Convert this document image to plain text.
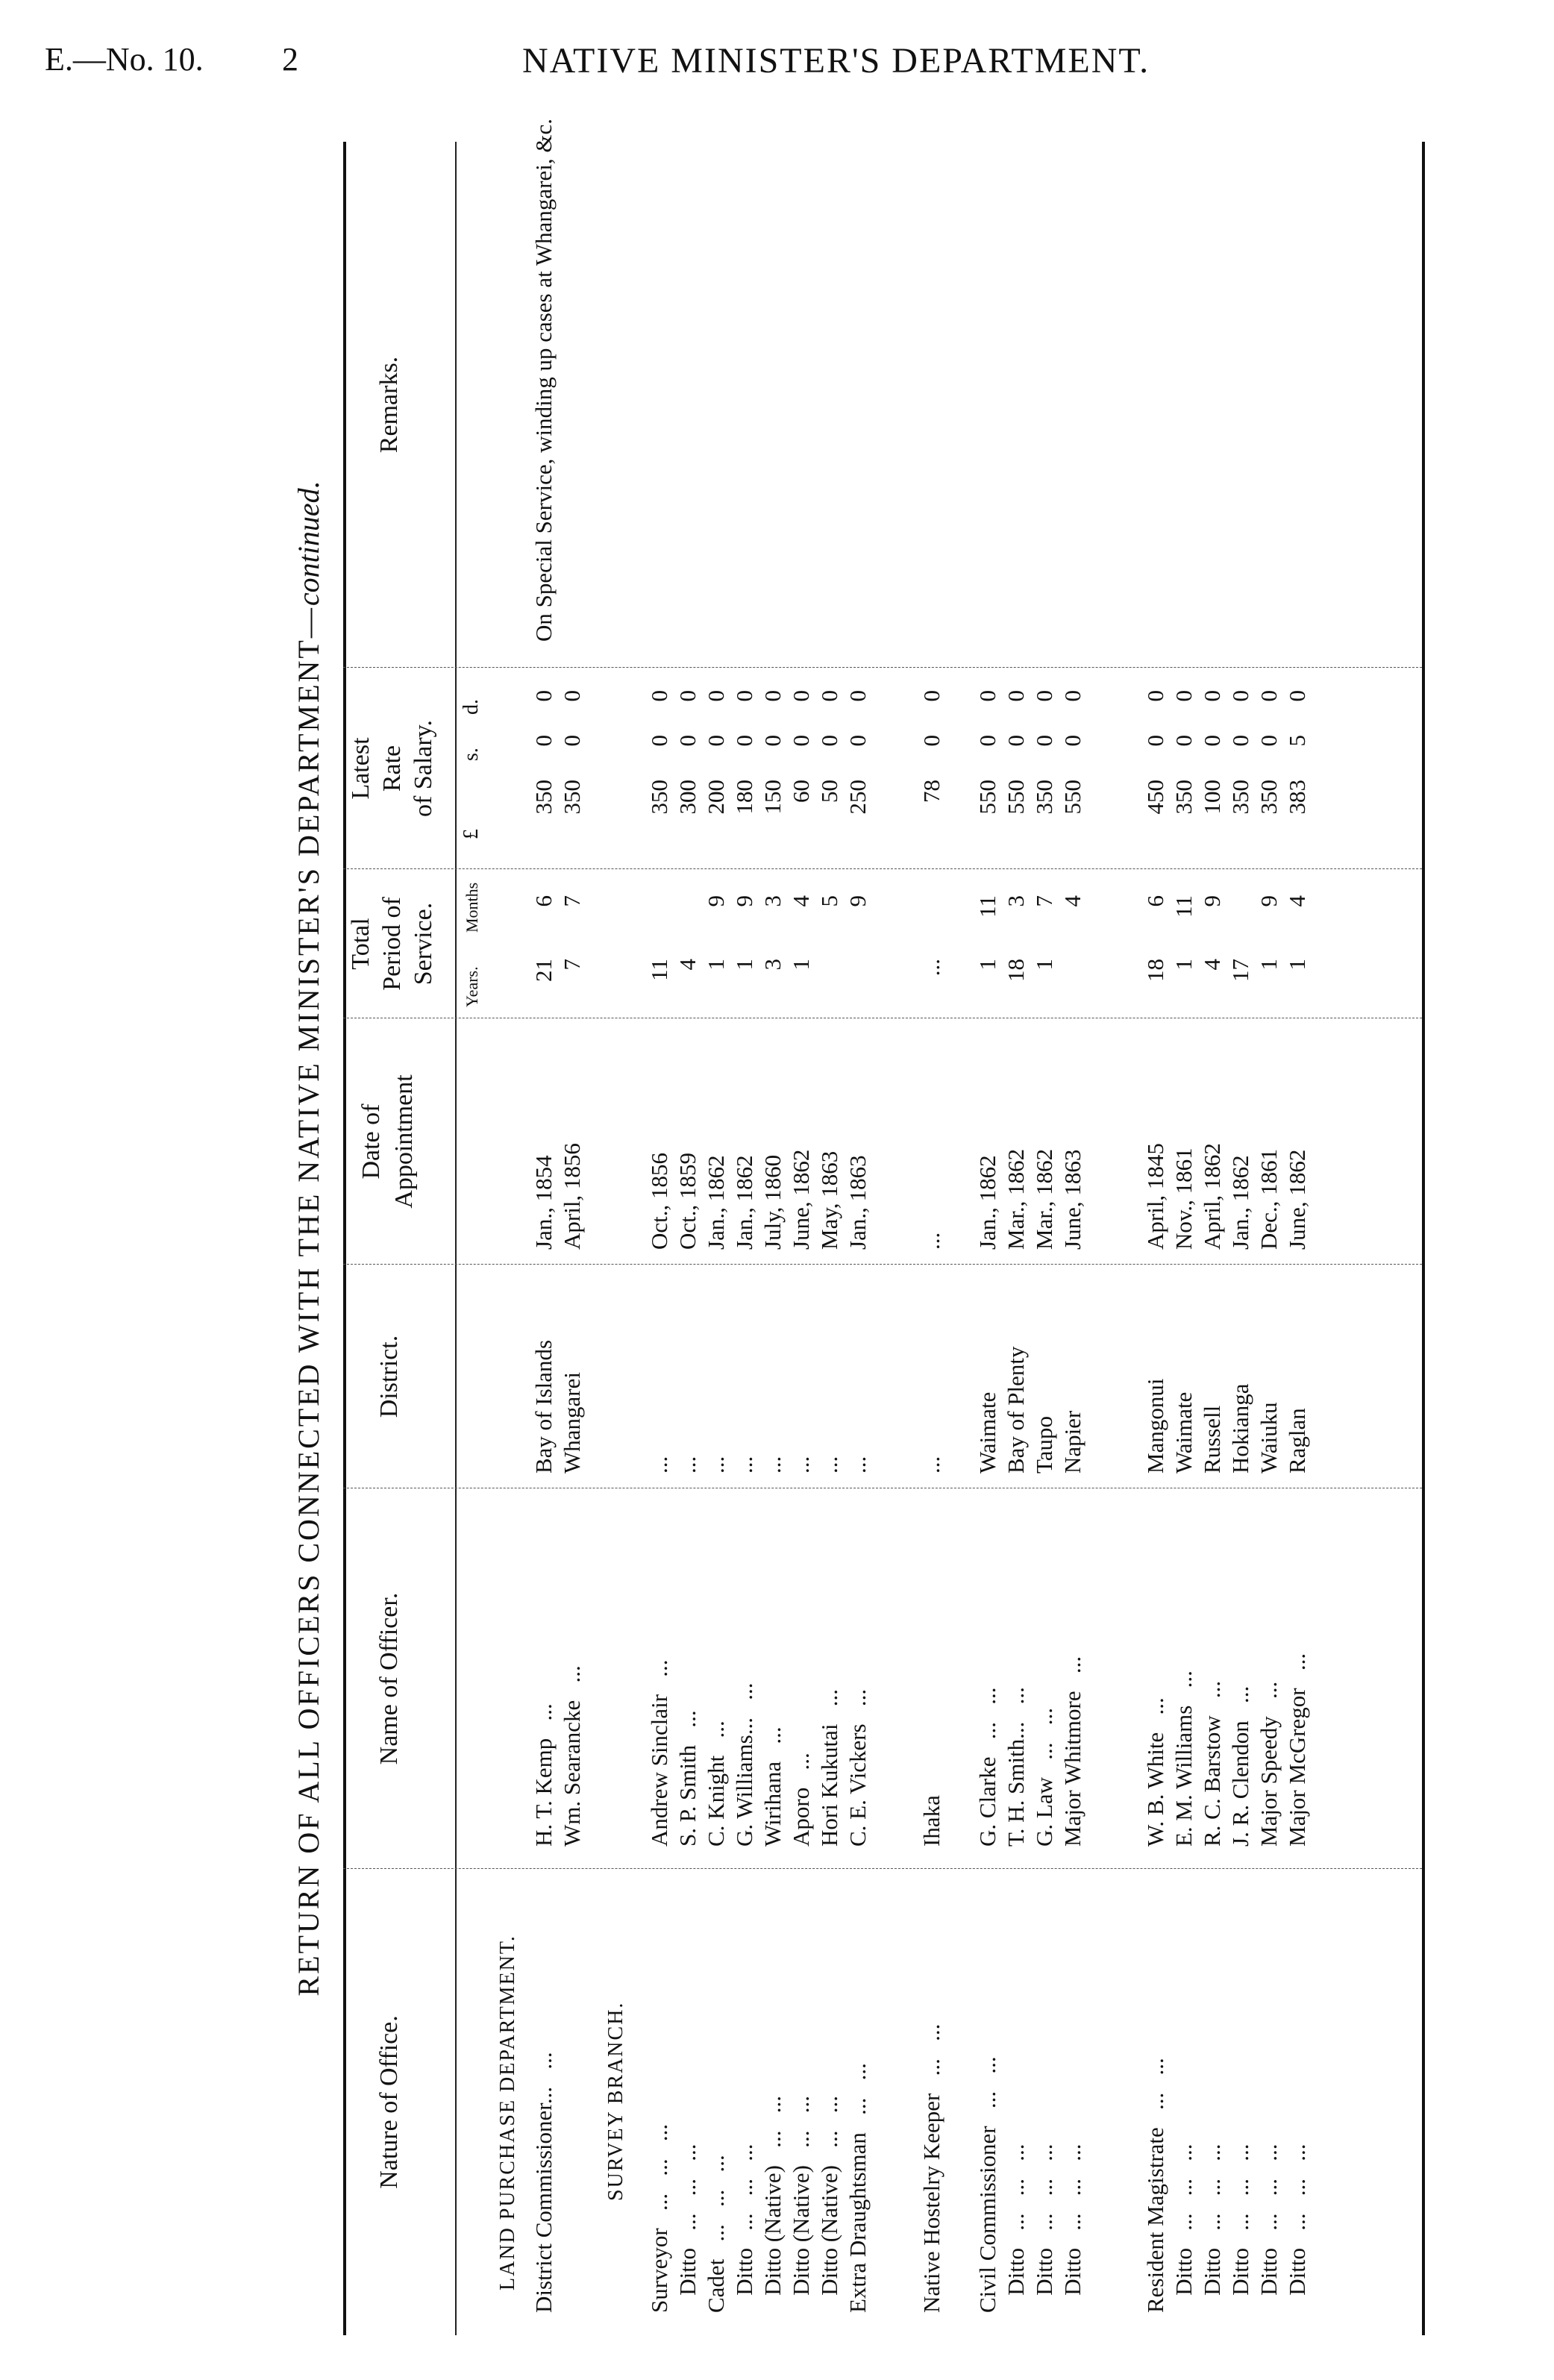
E.—No. 10. 2	NATIVE MINISTER'S DEPARTMENT.
RETURN OF ALL OFFICERS CONNECTED WITH THE NATIVE MINISTER'S DEPARTMENT—continued.
Nature of Office.
Name of Officer.
District.
Date of Appointment
Total Period of Service.
Latest Rate of Salary.
Remarks.
Years.
Months
£
s.
d.
LAND PURCHASE DEPARTMENT.	SURVEY BRANCH.
District Commissioner...   ...
H. T. Kemp   ...
Bay of Islands
Jan., 1854
21
6
350
0
0
On Special Service, winding up cases at Whangarei, &c.
Wm. Searancke   ...
Whangarei
April, 1856
7
7
350
0
0
Surveyor   ...   ...   ...
Andrew Sinclair   ...
...
Oct., 1856
11
350
0
0
Ditto   ...   ...   ...
S. P. Smith   ...
...
Oct., 1859
4
300
0
0
Cadet   ...   ...   ...
C. Knight   ...
...
Jan., 1862
1
9
200
0
0
Ditto   ...   ...   ...
G. Williams...   ...
...
Jan., 1862
1
9
180
0
0
Ditto (Native)   ...   ...
Wirihana   ...
...
July, 1860
3
3
150
0
0
Ditto (Native)   ...   ...
Aporo   ...
...
June, 1862
1
4
60
0
0
Ditto (Native)   ...   ...
Hori Kukutai   ...
...
May, 1863
5
50
0
0
Extra Draughtsman   ...   ...
C. E. Vickers   ...
...
Jan., 1863
9
250
0
0
Native Hostelry Keeper   ...   ...
Ihaka
...
...
...
78
0
0
Civil Commissioner   ...   ...
G. Clarke   ...   ...
Waimate
Jan., 1862
1
11
550
0
0
Ditto   ...   ...   ...
T. H. Smith...   ...
Bay of Plenty
Mar., 1862
18
3
550
0
0
Ditto   ...   ...   ...
G. Law   ...   ...
Taupo
Mar., 1862
1
7
350
0
0
Ditto   ...   ...   ...
Major Whitmore   ...
Napier
June, 1863
4
550
0
0
Resident Magistrate   ...   ...
W. B. White   ...
Mangonui
April, 1845
18
6
450
0
0
Ditto   ...   ...   ...
E. M. Williams   ...
Waimate
Nov., 1861
1
11
350
0
0
Ditto   ...   ...   ...
R. C. Barstow   ...
Russell
April, 1862
4
9
100
0
0
Ditto   ...   ...   ...
J. R. Clendon   ...
Hokianga
Jan., 1862
17
350
0
0
Ditto   ...   ...   ...
Major Speedy   ...
Waiuku
Dec., 1861
1
9
350
0
0
Ditto   ...   ...   ...
Major McGregor   ...
Raglan
June, 1862
1
4
383
5
0
